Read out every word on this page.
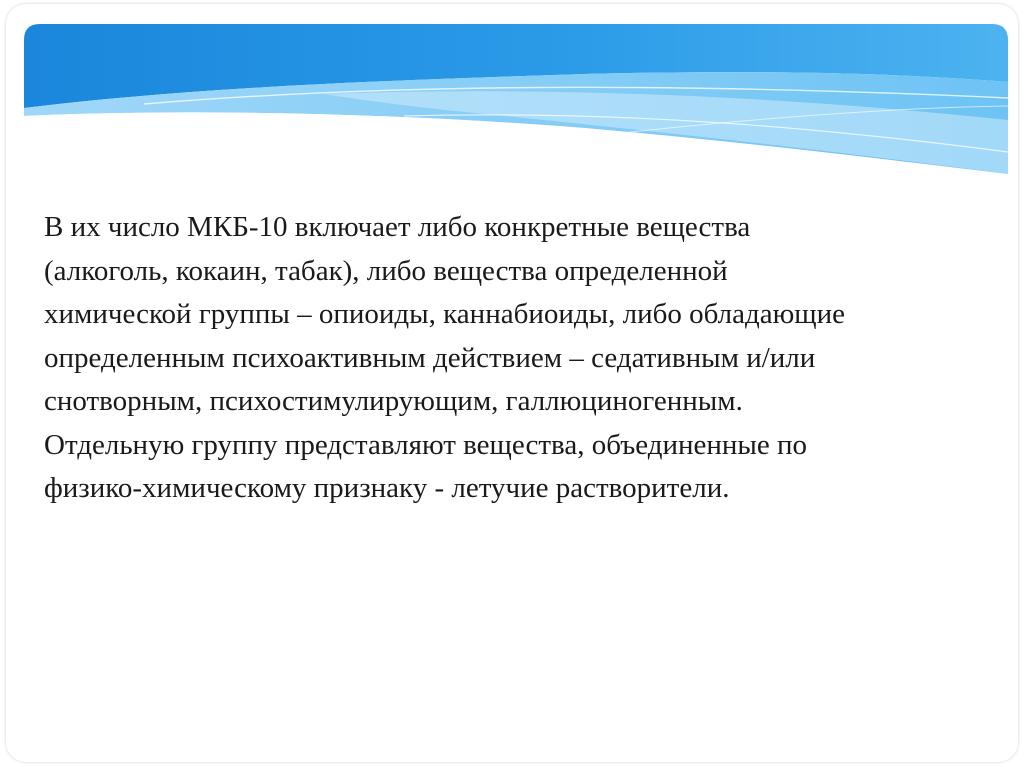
В их число МКБ-10 включает либо конкретные вещества
(алкоголь, кокаин, табак), либо вещества определенной
химической группы – опиоиды, каннабиоиды, либо обладающие
определенным психоактивным действием – седативным и/или
снотворным, психостимулирующим, галлюциногенным.
Отдельную группу представляют вещества, объединенные по
физико-химическому признаку - летучие растворители.
